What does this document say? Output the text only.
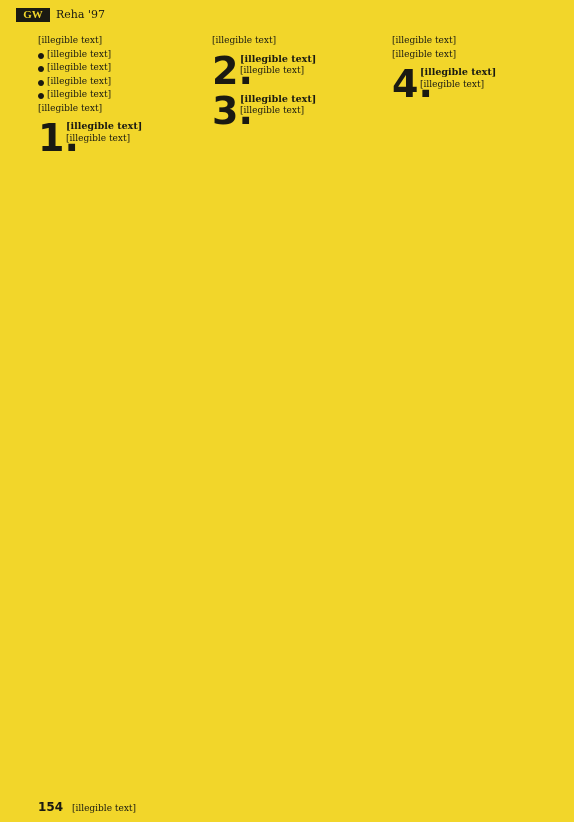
GW	Reha '97

[illegible text]

[illegible text]

[illegible text]

[illegible text]

[illegible text]

[illegible text]

1.
[illegible text]

[illegible text]

[illegible text]

2.
[illegible text]

[illegible text]

3.
[illegible text]

[illegible text]

[illegible text]

[illegible text]

4.
[illegible text]

[illegible text]

154 [illegible text]
